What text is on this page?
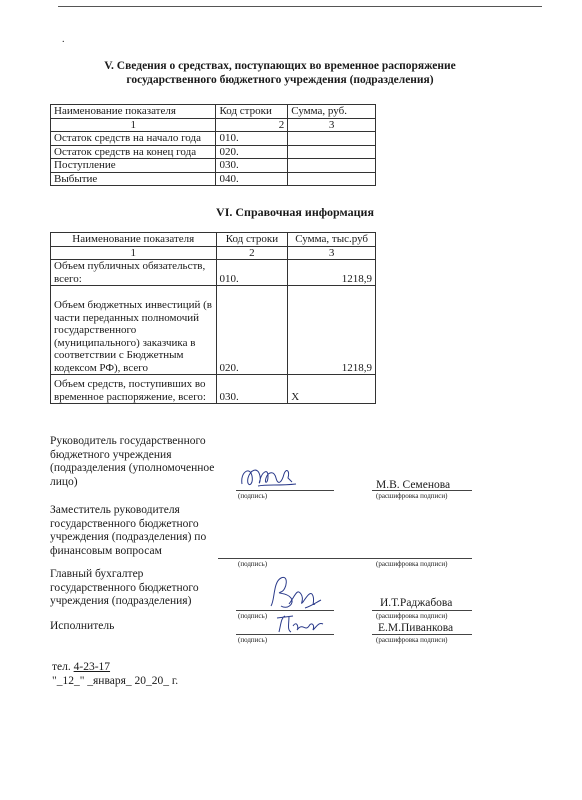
.
V. Сведения о средствах, поступающих во временное распоряжение
государственного бюджетного учреждения (подразделения)
Наименование показателя	Код строки	Сумма, руб.
1	2	3
Остаток средств на начало года	010.	
Остаток средств на конец года	020.	
Поступление	030.	
Выбытие	040.	
VI. Справочная информация
Наименование показателя	Код строки	Сумма, тыс.руб
1	2	3
Объем публичных обязательств, всего:	010.	1218,9
Объем бюджетных инвестиций (в части переданных полномочий государственного (муниципального) заказчика в соответствии с Бюджетным кодексом РФ), всего	020.	1218,9
Объем средств, поступивших во временное распоряжение, всего:	030.	X
Руководитель государственного
бюджетного учреждения
(подразделения (уполномоченное
лицо)	М.В. Семенова
(подпись)	(расшифровка подписи)
Заместитель руководителя
государственного бюджетного
учреждения (подразделения) по
финансовым вопросам
(подпись)	(расшифровка подписи)
Главный бухгалтер
государственного бюджетного
учреждения (подразделения)	И.Т.Раджабова
(подпись)	(расшифровка подписи)
Исполнитель	Е.М.Пиванкова
(подпись)	(расшифровка подписи)
тел. 4-23-17
"_12_" _января_ 20_20_ г.
